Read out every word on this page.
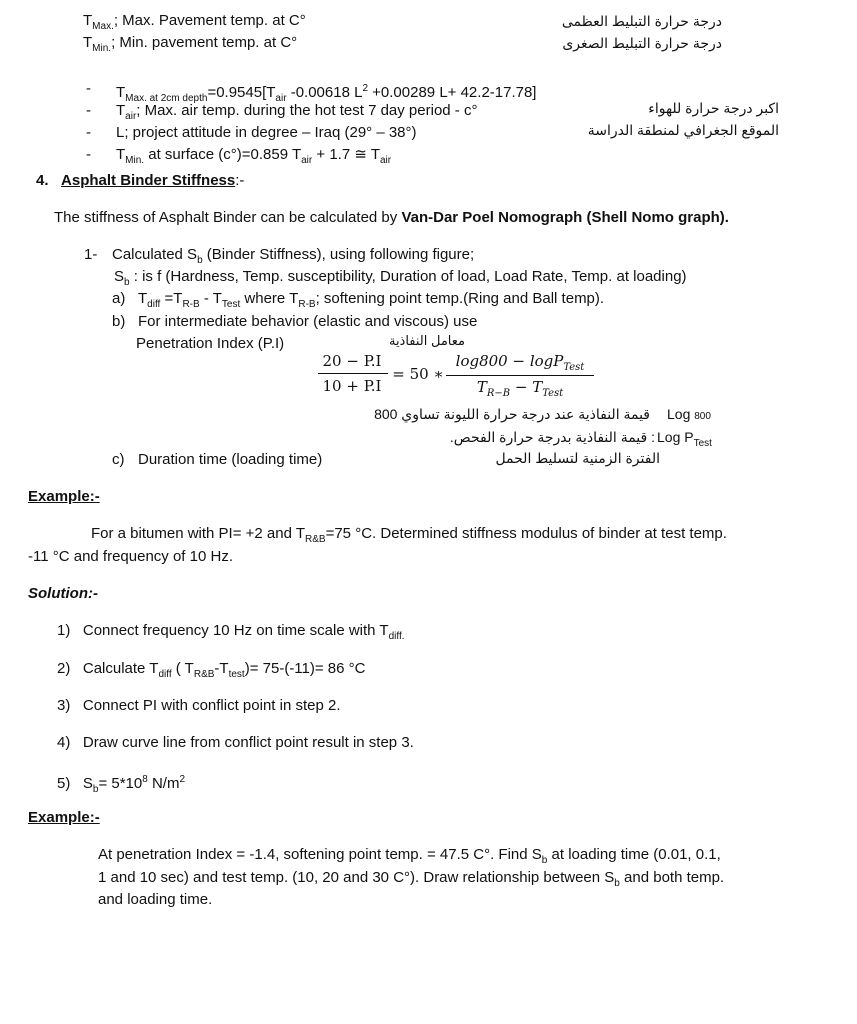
$T_{Max.}$; Max. Pavement temp. at C°
$T_{Min.}$; Min. pavement temp. at C°
درجة حرارة التبليط العظمى
درجة حرارة التبليط الصغرى
- $T_{Max. at 2cm depth}=0.9545[T_{air}$ -0.00618 $L^2 +0.00289$ L+ 42.2-17.78]
- $T_{air}$; Max. air temp. during the hot test 7 day period - c°
- L; project attitude in degree – Iraq (29° – 38°)
- $T_{Min.}$ at surface (c°)=0.859 $T_{air} + 1.7$ ≅ $T_{air}$
اكبر درجة حرارة للهواء
الموقع الجغرافي لمنطقة الدراسة
4. Asphalt Binder Stiffness:-
The stiffness of Asphalt Binder can be calculated by Van-Dar Poel Nomograph (Shell Nomo graph).
1- Calculated $S_b$ (Binder Stiffness), using following figure;
$S_b$ : is f (Hardness, Temp. susceptibility, Duration of load, Load Rate, Temp. at loading)
a) $T_{diff} =T_{R-B} - T_{Test}$ where $T_{R-B}$; softening point temp.(Ring and Ball temp).
b) For intermediate behavior (elastic and viscous) use
Penetration Index (P.I)	معامل النفاذية
20 − P.I
10 + P.I
= 50 ∗
log800 − logP$_{Test}$
$T_{R-B} - T_{Test}$
قيمة النفاذية عند درجة حرارة الليونة تساوي 800 Log 800
: قيمة النفاذية بدرجة حرارة الفحص. Log $P_{Test}$
c) Duration time (loading time)	الفترة الزمنية لتسليط الحمل
Example:-
For a bitumen with PI= +2 and $T_{R\&B}=75$ °C. Determined stiffness modulus of binder at test temp.
-11 °C and frequency of 10 Hz.
Solution:-
1) Connect frequency 10 Hz on time scale with $T_{diff.}$
2) Calculate $T_{diff}$ ( $T_{R\&B}-T_{test})= 75-(-11)= 86$ °C
3) Connect PI with conflict point in step 2.
4) Draw curve line from conflict point result in step 3.
5) $S_b= 5*10^8$ $N/m^2$
Example:-
At penetration Index = -1.4, softening point temp. = 47.5 C°. Find $S_b$ at loading time (0.01, 0.1,
1 and 10 sec) and test temp. (10, 20 and 30 C°). Draw relationship between $S_b$ and both temp.
and loading time.
